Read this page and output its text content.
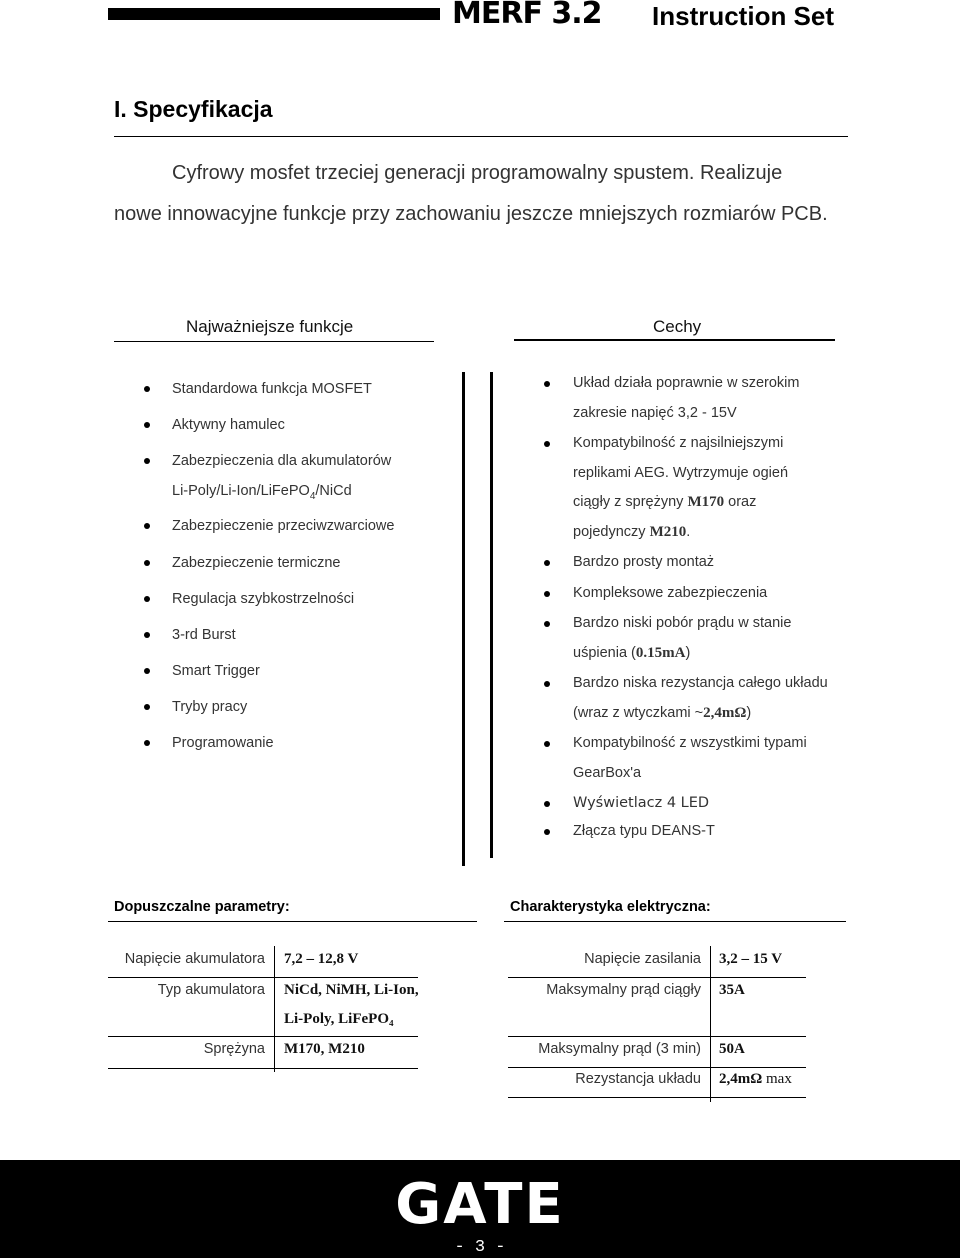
MERF 3.2 Instruction Set
I. Specyfikacja
Cyfrowy mosfet trzeciej generacji programowalny spustem. Realizuje
nowe innowacyjne funkcje przy zachowaniu jeszcze mniejszych rozmiarów PCB.
Najważniejsze funkcje	Cechy
Standardowa funkcja MOSFET
Aktywny hamulec
Zabezpieczenia dla akumulatorów
Li-Poly/Li-Ion/LiFePO$_4$/NiCd
Zabezpieczenie przeciwzwarciowe
Zabezpieczenie termiczne
Regulacja szybkostrzelności
3-rd Burst
Smart Trigger
Tryby pracy
Programowanie
Układ działa poprawnie w szerokim
zakresie napięć 3,2 - 15V
Kompatybilność z najsilniejszymi
replikami AEG. Wytrzymuje ogień
ciągły z sprężyny M170 oraz
pojedynczy M210.
Bardzo prosty montaż
Kompleksowe zabezpieczenia
Bardzo niski pobór prądu w stanie
uśpienia (0.15mA)
Bardzo niska rezystancja całego układu
(wraz z wtyczkami ~2,4mΩ)
Kompatybilność z wszystkimi typami
GearBox'a
Wyświetlacz 4 LED
Złącza typu DEANS-T
Dopuszczalne parametry:
Napięcie akumulatora 7,2 – 12,8 V
Typ akumulatora NiCd, NiMH, Li-Ion,
Li-Poly, LiFePO₄
Sprężyna M170, M210
Charakterystyka elektryczna:
Napięcie zasilania 3,2 – 15 V
Maksymalny prąd ciągły 35A
Maksymalny prąd (3 min) 50A
Rezystancja układu 2,4mΩ max
GATE
- 3 -
